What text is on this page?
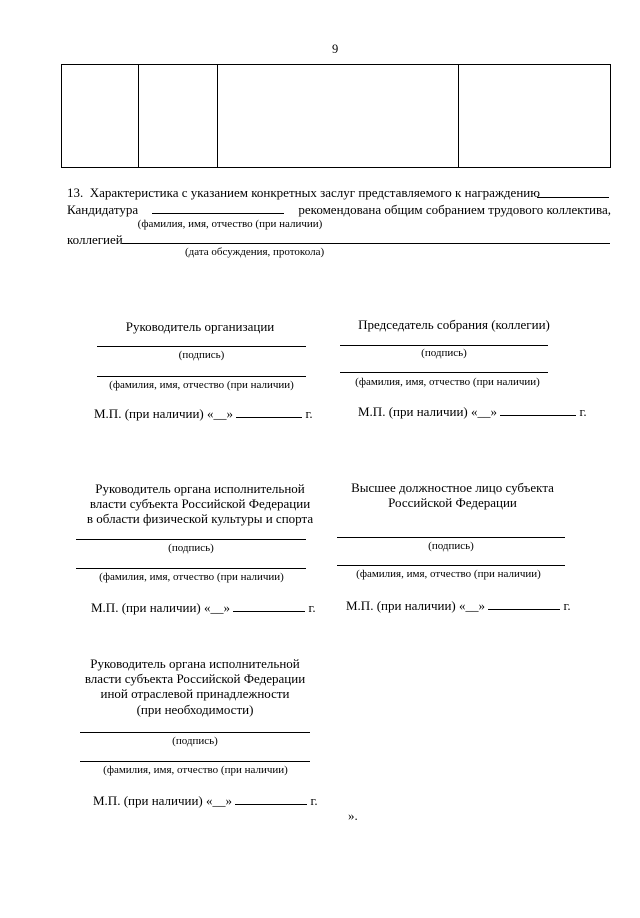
9
13. Характеристика с указанием конкретных заслуг представляемого к награждению
Кандидатура	рекомендована общим собранием трудового коллектива,
(фамилия, имя, отчество (при наличии)
коллегией
(дата обсуждения, протокола)
Руководитель организации
(подпись)
(фамилия, имя, отчество (при наличии)
М.П. (при наличии) «__»	г.
Председатель собрания (коллегии)
(подпись)
(фамилия, имя, отчество (при наличии)
М.П. (при наличии) «__»	г.
Руководитель органа исполнительной
власти субъекта Российской Федерации
в области физической культуры и спорта
(подпись)
(фамилия, имя, отчество (при наличии)
М.П. (при наличии) «__»	г.
Высшее должностное лицо субъекта
Российской Федерации
(подпись)
(фамилия, имя, отчество (при наличии)
М.П. (при наличии) «__»	г.
Руководитель органа исполнительной
власти субъекта Российской Федерации
иной отраслевой принадлежности
(при необходимости)
(подпись)
(фамилия, имя, отчество (при наличии)
М.П. (при наличии) «__»	г.
».
